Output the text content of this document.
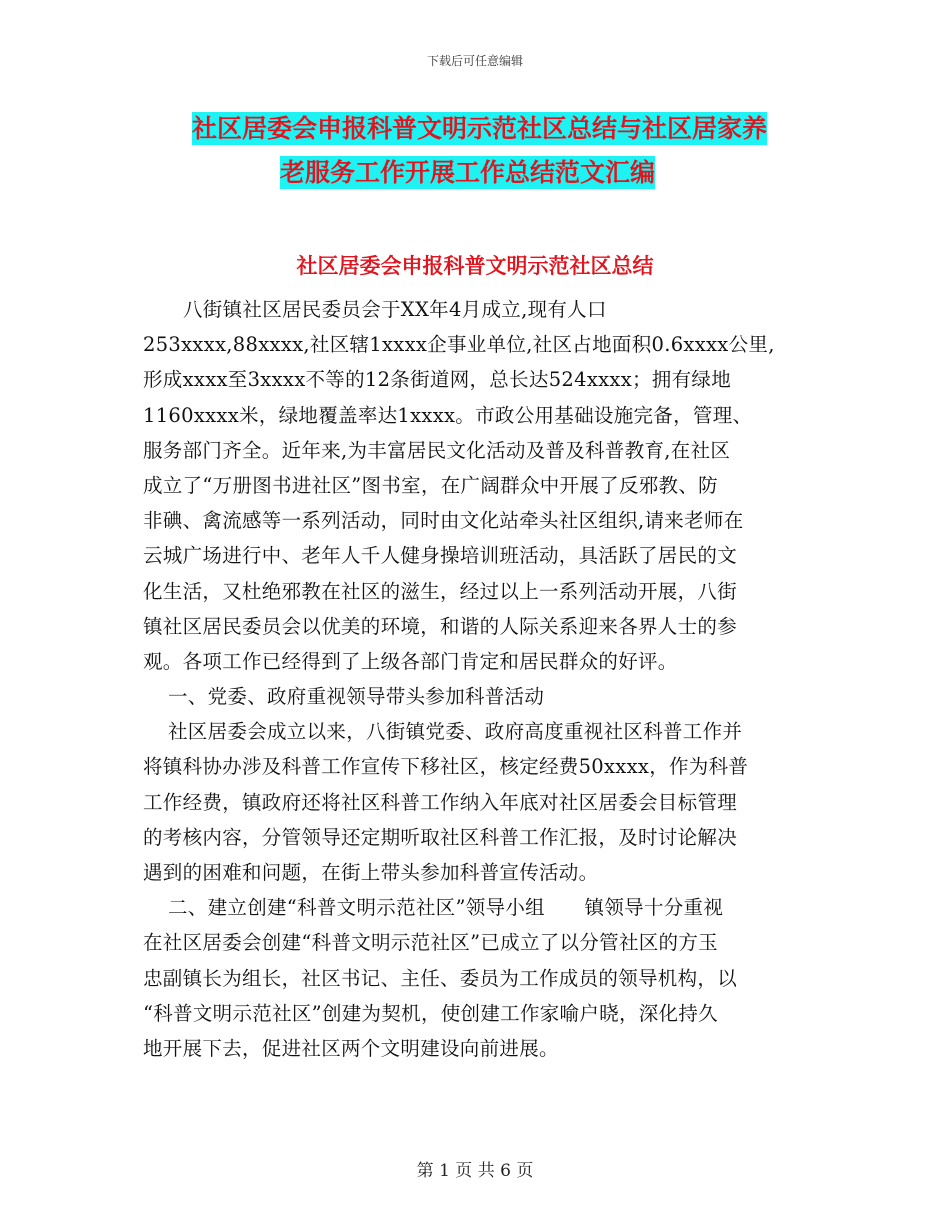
下载后可任意编辑
社区居委会申报科普文明示范社区总结与社区居家养
老服务工作开展工作总结范文汇编
社区居委会申报科普文明示范社区总结
八街镇社区居民委员会于XX年4月成立,现有人口
253xxxx,88xxxx,社区辖1xxxx企事业单位,社区占地面积0.6xxxx公里,
形成xxxx至3xxxx不等的12条街道网，总长达524xxxx；拥有绿地
1160xxxx米，绿地覆盖率达1xxxx。市政公用基础设施完备，管理、
服务部门齐全。近年来,为丰富居民文化活动及普及科普教育,在社区
成立了“万册图书进社区”图书室，在广阔群众中开展了反邪教、防
非碘、禽流感等一系列活动，同时由文化站牵头社区组织,请来老师在
云城广场进行中、老年人千人健身操培训班活动，具活跃了居民的文
化生活，又杜绝邪教在社区的滋生，经过以上一系列活动开展，八街
镇社区居民委员会以优美的环境，和谐的人际关系迎来各界人士的参
观。各项工作已经得到了上级各部门肯定和居民群众的好评。
一、党委、政府重视领导带头参加科普活动
社区居委会成立以来，八街镇党委、政府高度重视社区科普工作并
将镇科协办涉及科普工作宣传下移社区，核定经费50xxxx，作为科普
工作经费，镇政府还将社区科普工作纳入年底对社区居委会目标管理
的考核内容，分管领导还定期听取社区科普工作汇报，及时讨论解决
遇到的困难和问题，在街上带头参加科普宣传活动。
二、建立创建“科普文明示范社区”领导小组　　镇领导十分重视
在社区居委会创建“科普文明示范社区”已成立了以分管社区的方玉
忠副镇长为组长，社区书记、主任、委员为工作成员的领导机构，以
“科普文明示范社区”创建为契机，使创建工作家喻户晓，深化持久
地开展下去，促进社区两个文明建设向前进展。
第 1 页 共 6 页
